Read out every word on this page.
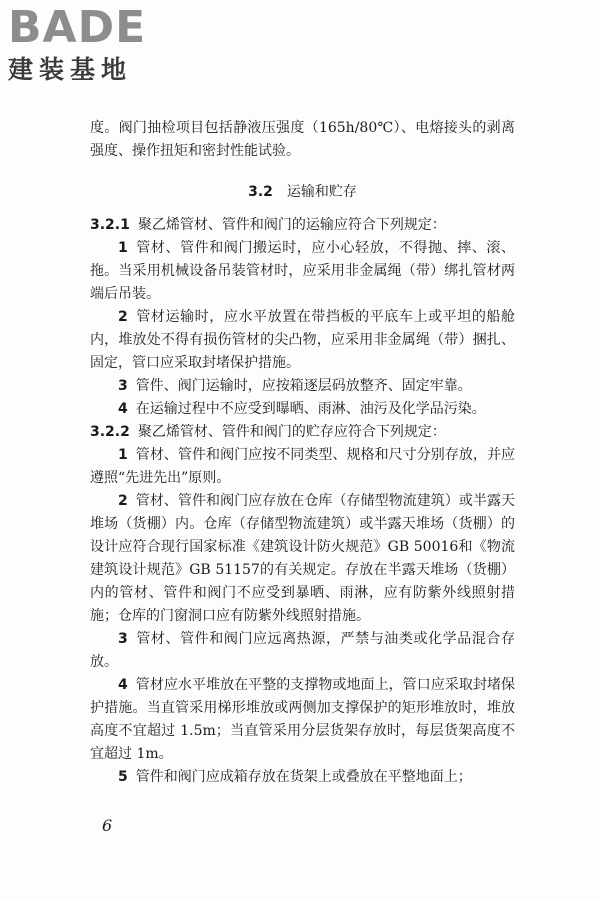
BADE
建装基地

度。阀门抽检项目包括静液压强度（165h/80℃）、电熔接头的剥离强度、操作扭矩和密封性能试验。

3.2 运输和贮存

3.2.1 聚乙烯管材、管件和阀门的运输应符合下列规定：

1 管材、管件和阀门搬运时，应小心轻放，不得抛、摔、滚、拖。当采用机械设备吊装管材时，应采用非金属绳（带）绑扎管材两端后吊装。

2 管材运输时，应水平放置在带挡板的平底车上或平坦的船舱内，堆放处不得有损伤管材的尖凸物，应采用非金属绳（带）捆扎、固定，管口应采取封堵保护措施。

3 管件、阀门运输时，应按箱逐层码放整齐、固定牢靠。

4 在运输过程中不应受到曝晒、雨淋、油污及化学品污染。

3.2.2 聚乙烯管材、管件和阀门的贮存应符合下列规定：

1 管材、管件和阀门应按不同类型、规格和尺寸分别存放，并应遵照“先进先出”原则。

2 管材、管件和阀门应存放在仓库（存储型物流建筑）或半露天堆场（货棚）内。仓库（存储型物流建筑）或半露天堆场（货棚）的设计应符合现行国家标准《建筑设计防火规范》GB 50016和《物流建筑设计规范》GB 51157的有关规定。存放在半露天堆场（货棚）内的管材、管件和阀门不应受到暴晒、雨淋，应有防紫外线照射措施；仓库的门窗洞口应有防紫外线照射措施。

3 管材、管件和阀门应远离热源，严禁与油类或化学品混合存放。

4 管材应水平堆放在平整的支撑物或地面上，管口应采取封堵保护措施。当直管采用梯形堆放或两侧加支撑保护的矩形堆放时，堆放高度不宜超过 1.5m；当直管采用分层货架存放时，每层货架高度不宜超过 1m。

5 管件和阀门应成箱存放在货架上或叠放在平整地面上；

6
